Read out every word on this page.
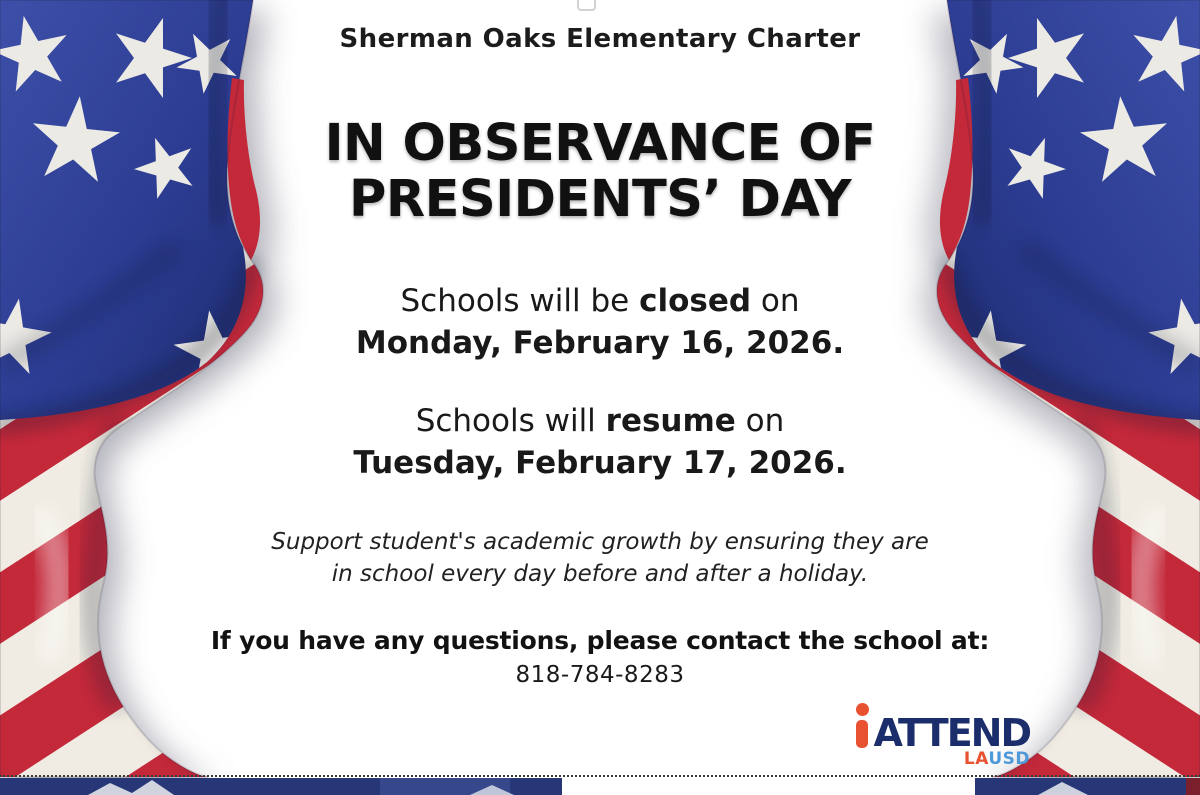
Sherman Oaks Elementary Charter
IN OBSERVANCE OF
PRESIDENTS’ DAY
Schools will be closed on
Monday, February 16, 2026.
Schools will resume on
Tuesday, February 17, 2026.
Support student's academic growth by ensuring they are
in school every day before and after a holiday.
If you have any questions, please contact the school at:
818-784-8283
ATTEND
LAUSD
